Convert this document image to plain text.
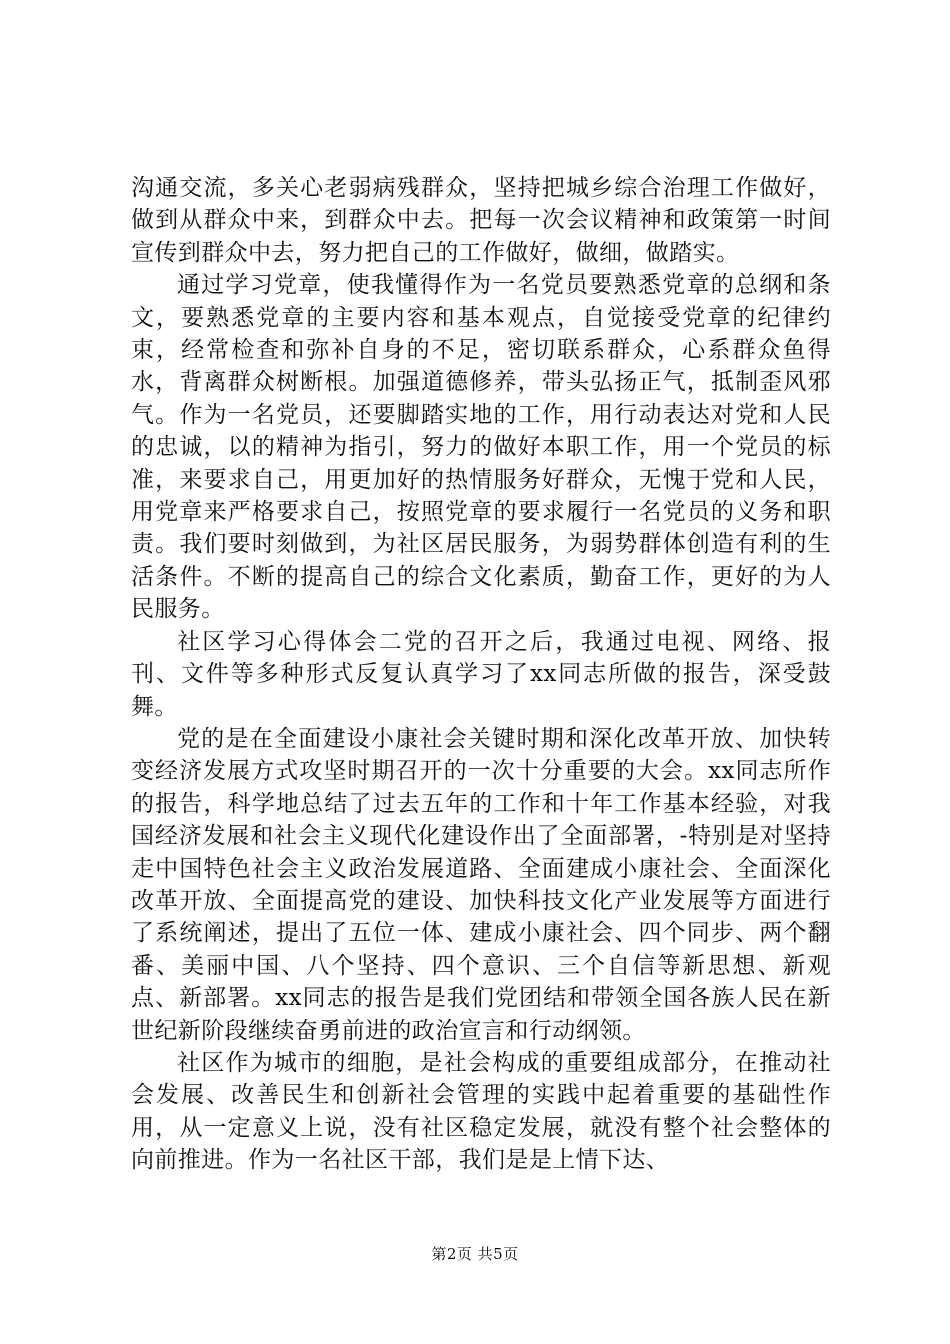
沟通交流，多关心老弱病残群众，坚持把城乡综合治理工作做好，做到从群众中来，到群众中去。把每一次会议精神和政策第一时间宣传到群众中去，努力把自己的工作做好，做细，做踏实。

通过学习党章，使我懂得作为一名党员要熟悉党章的总纲和条文，要熟悉党章的主要内容和基本观点，自觉接受党章的纪律约束，经常检查和弥补自身的不足，密切联系群众，心系群众鱼得水，背离群众树断根。加强道德修养，带头弘扬正气，抵制歪风邪气。作为一名党员，还要脚踏实地的工作，用行动表达对党和人民的忠诚，以的精神为指引，努力的做好本职工作，用一个党员的标准，来要求自己，用更加好的热情服务好群众，无愧于党和人民，用党章来严格要求自己，按照党章的要求履行一名党员的义务和职责。我们要时刻做到，为社区居民服务，为弱势群体创造有利的生活条件。不断的提高自己的综合文化素质，勤奋工作，更好的为人民服务。

社区学习心得体会二党的召开之后，我通过电视、网络、报刊、文件等多种形式反复认真学习了xx同志所做的报告，深受鼓舞。

党的是在全面建设小康社会关键时期和深化改革开放、加快转变经济发展方式攻坚时期召开的一次十分重要的大会。xx同志所作的报告，科学地总结了过去五年的工作和十年工作基本经验，对我国经济发展和社会主义现代化建设作出了全面部署，-特别是对坚持走中国特色社会主义政治发展道路、全面建成小康社会、全面深化改革开放、全面提高党的建设、加快科技文化产业发展等方面进行了系统阐述，提出了五位一体、建成小康社会、四个同步、两个翻番、美丽中国、八个坚持、四个意识、三个自信等新思想、新观点、新部署。xx同志的报告是我们党团结和带领全国各族人民在新世纪新阶段继续奋勇前进的政治宣言和行动纲领。

社区作为城市的细胞，是社会构成的重要组成部分，在推动社会发展、改善民生和创新社会管理的实践中起着重要的基础性作用，从一定意义上说，没有社区稳定发展，就没有整个社会整体的向前推进。作为一名社区干部，我们是是上情下达、

第2页 共5页
